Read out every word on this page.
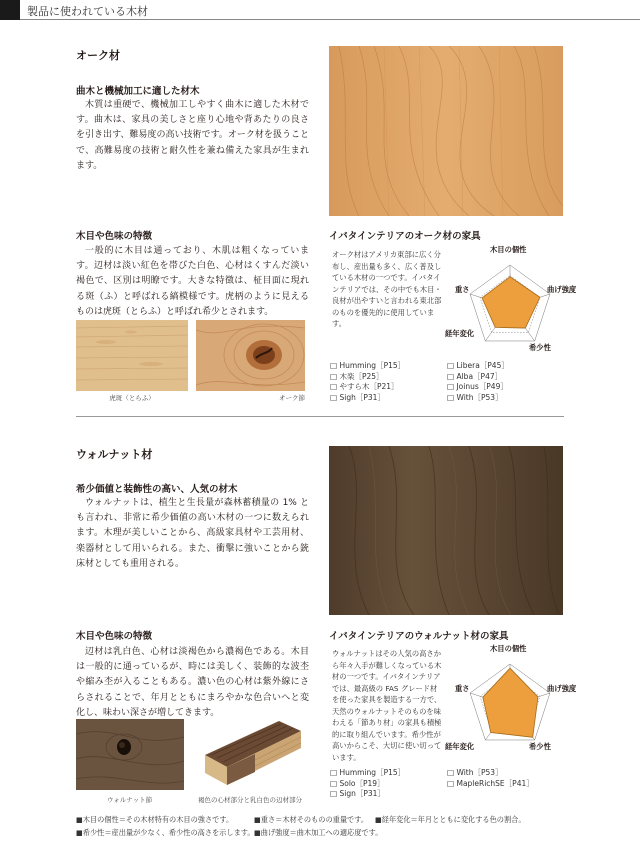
製品に使われている木材
オーク材
曲木と機械加工に適した材木
木質は重硬で、機械加工しやすく曲木に適した木材です。曲木は、家具の美しさと座り心地や背あたりの良さを引き出す、難易度の高い技術です。オーク材を扱うことで、高難易度の技術と耐久性を兼ね備えた家具が生まれます。
木目や色味の特徴
一般的に木目は通っており、木肌は粗くなっています。辺材は淡い紅色を帯びた白色、心材はくすんだ淡い褐色で、区別は明瞭です。大きな特徴は、柾目面に現れる斑（ふ）と呼ばれる縞模様です。虎柄のように見えるものは虎斑（とらふ）と呼ばれ希少とされます。
虎斑（とらふ）	オーク節
イバタインテリアのオーク材の家具
オーク材はアメリカ東部に広く分布し、産出量も多く、広く普及している木材の一つです。イバタインテリアでは、その中でも木目・良材が出やすいと言われる東北部のものを優先的に使用しています。
木目の個性
曲げ強度
希少性
経年変化
重さ
□ Humming［P15］
□ 木楽［P25］
□ やすら木［P21］
□ Sigh［P31］
□ Libera［P45］
□ Alba［P47］
□ Joinus［P49］
□ With［P53］
ウォルナット材
希少価値と装飾性の高い、人気の材木
ウォルナットは、植生と生長量が森林蓄積量の 1% とも言われ、非常に希少価値の高い木材の一つに数えられます。木理が美しいことから、高級家具材や工芸用材、楽器材として用いられる。また、衝撃に強いことから銃床材としても重用される。
木目や色味の特徴
辺材は乳白色、心材は淡褐色から濃褐色である。木目は一般的に通っているが、時には美しく、装飾的な波杢や縮み杢が入ることもある。濃い色の心材は紫外線にさらされることで、年月とともにまろやかな色合いへと変化し、味わい深さが増してきます。
ウォルナット節	褐色の心材部分と乳白色の辺材部分
イバタインテリアのウォルナット材の家具
ウォルナットはその人気の高さから年々入手が難しくなっている木材の一つです。イバタインテリアでは、最高級の FAS グレード材を使った家具を製造する一方で、天然のウォルナットそのものを味わえる「節あり材」の家具も積極的に取り組んでいます。希少性が高いからこそ、大切に使い切っています。
木目の個性
曲げ強度
希少性
経年変化
重さ
□ Humming［P15］
□ Solo［P19］
□ Sign［P31］
□ With［P53］
□ MapleRichSE［P41］
■木目の個性＝その木材特有の木目の強さです。	■重さ＝木材そのものの重量です。 ■経年変化＝年月とともに変化する色の割合。
■希少性＝産出量が少なく、希少性の高さを示します。 ■曲げ強度＝曲木加工への適応度です。
